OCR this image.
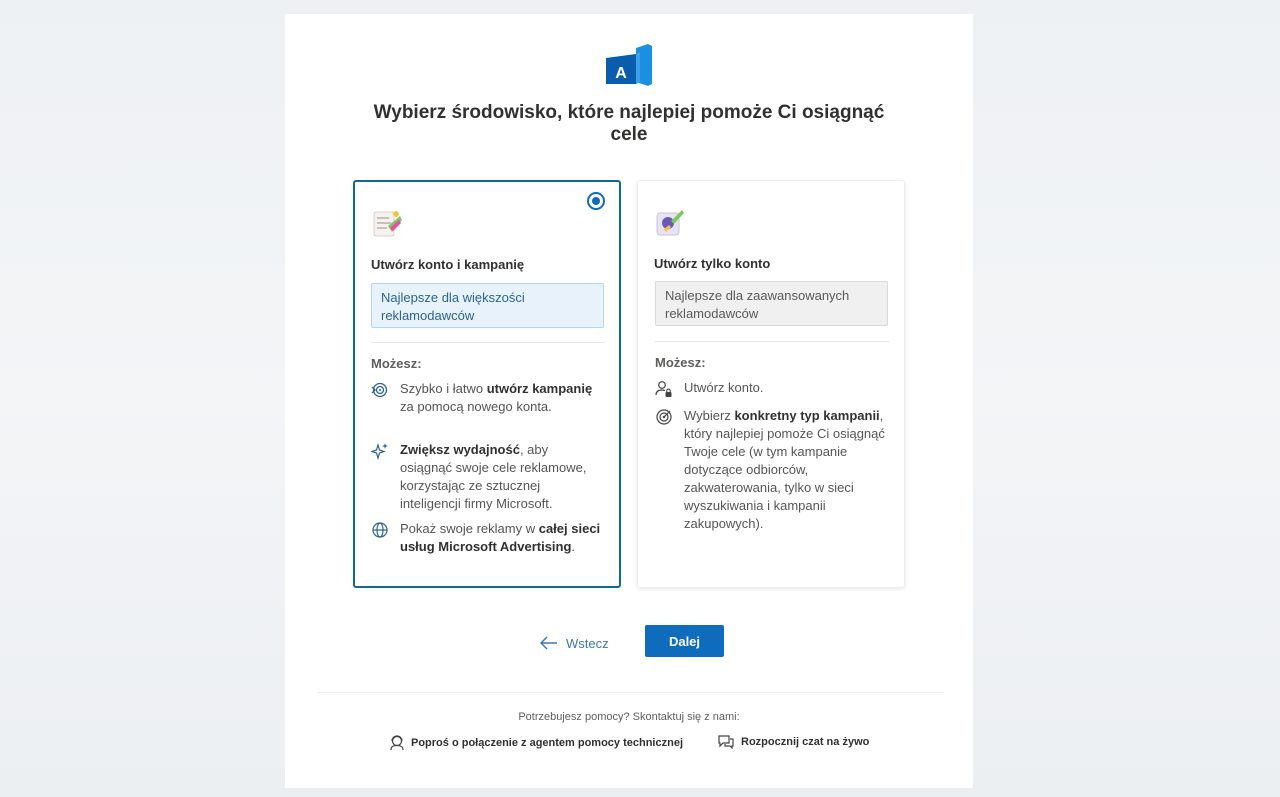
A
Wybierz środowisko, które najlepiej pomoże Ci osiągnąć cele
Utwórz konto i kampanię
Najlepsze dla większości reklamodawców
Możesz:
Szybko i łatwo utwórz kampanię za pomocą nowego konta.
Zwiększ wydajność, aby osiągnąć swoje cele reklamowe, korzystając ze sztucznej inteligencji firmy Microsoft.
Pokaż swoje reklamy w całej sieci usług Microsoft Advertising.
Utwórz tylko konto
Najlepsze dla zaawansowanych reklamodawców
Możesz:
Utwórz konto.
Wybierz konkretny typ kampanii, który najlepiej pomoże Ci osiągnąć Twoje cele (w tym kampanie dotyczące odbiorców, zakwaterowania, tylko w sieci wyszukiwania i kampanii zakupowych).
Wstecz	Dalej
Potrzebujesz pomocy? Skontaktuj się z nami:
Poproś o połączenie z agentem pomocy technicznej	Rozpocznij czat na żywo
